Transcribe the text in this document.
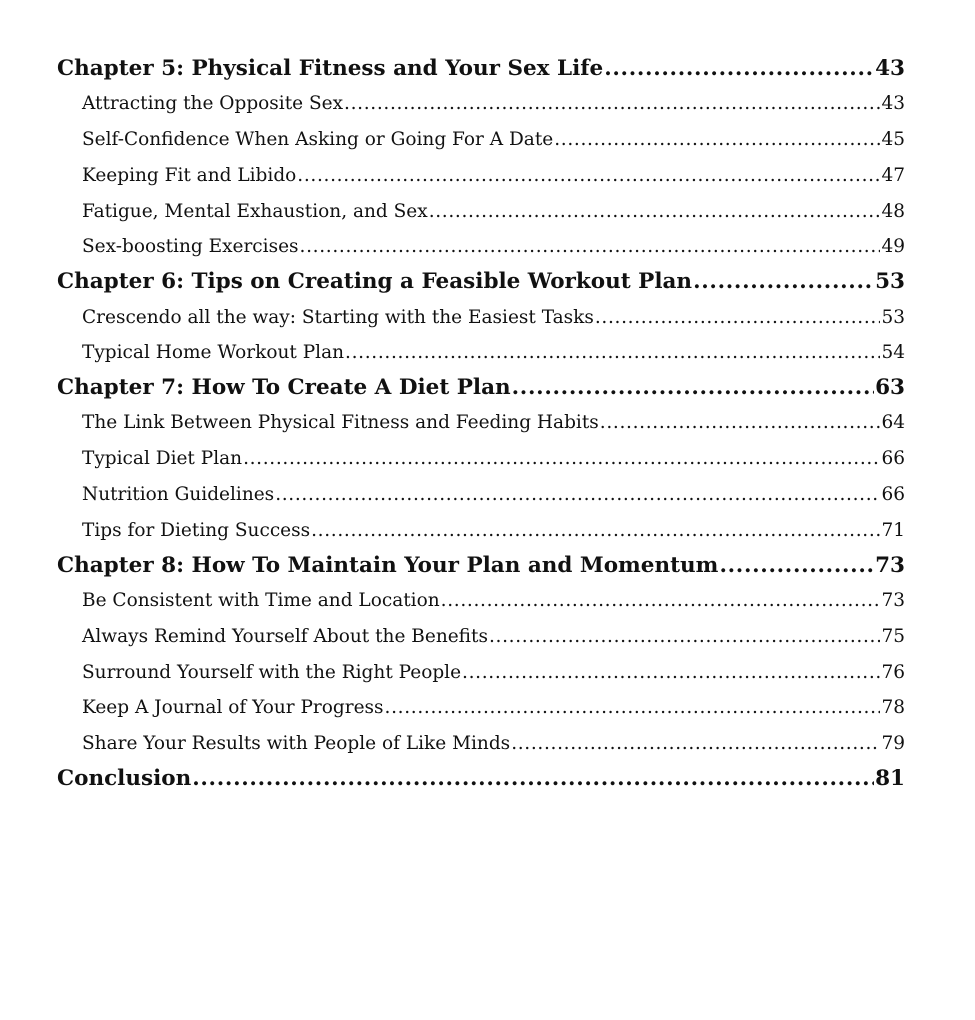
Chapter 5: Physical Fitness and Your Sex Life . . .	43
Attracting the Opposite Sex . . .	43
Self-Confidence When Asking or Going For A Date . . .	45
Keeping Fit and Libido . . .	47
Fatigue, Mental Exhaustion, and Sex . . .	48
Sex-boosting Exercises . . .	49
Chapter 6: Tips on Creating a Feasible Workout Plan . . .	53
Crescendo all the way: Starting with the Easiest Tasks . . .	53
Typical Home Workout Plan . . .	54
Chapter 7: How To Create A Diet Plan . . .	63
The Link Between Physical Fitness and Feeding Habits . . .	64
Typical Diet Plan . . .	66
Nutrition Guidelines . . .	66
Tips for Dieting Success . . .	71
Chapter 8: How To Maintain Your Plan and Momentum . . .	73
Be Consistent with Time and Location . . .	73
Always Remind Yourself About the Benefits . . .	75
Surround Yourself with the Right People . . .	76
Keep A Journal of Your Progress . . .	78
Share Your Results with People of Like Minds . . .	79
Conclusion . . .	81
